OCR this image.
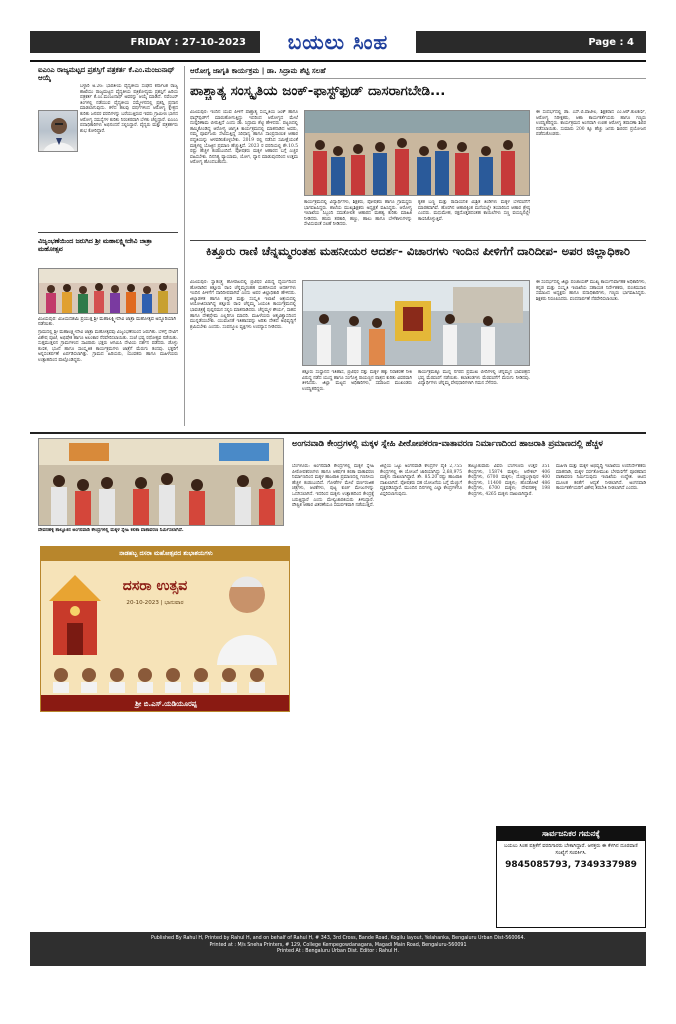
FRIDAY : 27-10-2023	ಬಯಲು ಸಿಂಹ	Page : 4
ಐಎಂಎ ರಾಜ್ಯಮಟ್ಟದ ಪ್ರಶಸ್ತಿಗೆ ಪತ್ರಕರ್ತ ಕೆ.ಎಂ.ಮಂಜುನಾಥ್ ಆಯ್ಕೆ

ಬಳ್ಳಾರಿ ಅ.26: ಭಾರತೀಯ ವೈದ್ಯಕೀಯ ಸಂಘದ ಕರ್ನಾಟಕ ರಾಜ್ಯ ಶಾಖೆಯು ರಾಜ್ಯಮಟ್ಟದ ವೈದ್ಯಕೀಯ ಪತ್ರಿಕೋದ್ಯಮ ಪ್ರಶಸ್ತಿಗೆ ಹಿರಿಯ ಪತ್ರಕರ್ತ ಕೆ.ಎಂ.ಮಂಜುನಾಥ್ ಅವರನ್ನು ಆಯ್ಕೆ ಮಾಡಿದೆ. ನವೆಂಬರ್ ತಿಂಗಳಲ್ಲಿ ನಡೆಯುವ ವೈದ್ಯಕೀಯ ಸಮ್ಮೇಳನದಲ್ಲಿ ಪ್ರಶಸ್ತಿ ಪ್ರದಾನ ಮಾಡಲಾಗುವುದು. ಕಳೆದ ಹಲವು ವರ್ಷಗಳಿಂದ ಆರೋಗ್ಯ ಕ್ಷೇತ್ರದ ಕುರಿತು ಜನಪರ ವರದಿಗಳನ್ನು ಬರೆಯುತ್ತಿರುವ ಇವರು ಗ್ರಾಮೀಣ ಭಾಗದ ಆರೋಗ್ಯ ಸಮಸ್ಯೆಗಳ ಕುರಿತು ನಿರಂತರವಾಗಿ ಬೆಳಕು ಚೆಲ್ಲಿದ್ದಾರೆ. ಐಎಂಎ ಪದಾಧಿಕಾರಿಗಳು ಅಭಿನಂದನೆ ಸಲ್ಲಿಸಿದ್ದಾರೆ. ವೈದ್ಯರು ಮತ್ತು ಪತ್ರಕರ್ತರು ಶುಭ ಕೋರಿದ್ದಾರೆ.

ವಿಜೃಂಭಣೆಯಿಂದ ಜರುಗಿದ ಶ್ರೀ ಮಹಾಲಕ್ಷ್ಮೀದೇವಿ ಜಾತ್ರಾ ಮಹೋತ್ಸವ
ವಿಜಯಪುರ: ವಿಜಯದಶಮಿ ಪ್ರಯುಕ್ತ ಶ್ರೀ ಮಹಾಲಕ್ಷ್ಮೀದೇವಿ ಜಾತ್ರಾ ಮಹೋತ್ಸವ ಅದ್ದೂರಿಯಾಗಿ ನಡೆಯಿತು.
ಗ್ರಾಮದಲ್ಲಿ ಶ್ರೀ ಮಹಾಲಕ್ಷ್ಮೀದೇವಿ ಜಾತ್ರಾ ಮಹೋತ್ಸವವು ವಿಜೃಂಭಣೆಯಿಂದ ಜರುಗಿತು. ಬೆಳಿಗ್ಗೆ ದೇವಿಗೆ ವಿಶೇಷ ಪೂಜೆ, ಅಭಿಷೇಕ ಹಾಗೂ ಅಲಂಕಾರ ನೆರವೇರಿಸಲಾಯಿತು. ಸಂಜೆ ಭವ್ಯ ರಥೋತ್ಸವ ನಡೆಯಿತು. ಸುತ್ತಮುತ್ತಲಿನ ಗ್ರಾಮಗಳಿಂದ ಸಾವಿರಾರು ಭಕ್ತರು ಆಗಮಿಸಿ ದೇವಿಯ ದರ್ಶನ ಪಡೆದರು. ಡೊಳ್ಳು ಕುಣಿತ, ಭಜನೆ ಹಾಗೂ ಸಾಂಸ್ಕೃತಿಕ ಕಾರ್ಯಕ್ರಮಗಳು ಜಾತ್ರೆಗೆ ಮೆರುಗು ತಂದವು. ಭಕ್ತರಿಗೆ ಅನ್ನಸಂತರ್ಪಣೆ ಏರ್ಪಡಿಸಲಾಗಿತ್ತು. ಗ್ರಾಮದ ಹಿರಿಯರು, ಯುವಕರು ಹಾಗೂ ಮಹಿಳೆಯರು ಉತ್ಸಾಹದಿಂದ ಪಾಲ್ಗೊಂಡಿದ್ದರು.
ಆರೋಗ್ಯ ಜಾಗೃತಿ ಕಾರ್ಯಕ್ರಮ | ಡಾ. ಸಿದ್ರಾಮ ಶೆಟ್ಟಿ ಸಲಹೆ
ಪಾಶ್ಚಾತ್ಯ ಸಂಸ್ಕೃತಿಯ ಜಂಕ್-ಫಾಸ್ಟ್‌ಫುಡ್ ದಾಸರಾಗಬೇಡಿ...
ವಿಜಯಪುರ: ಇಂದಿನ ಯುವ ಪೀಳಿಗೆ ಪಾಶ್ಚಾತ್ಯ ಸಂಸ್ಕೃತಿಯ ಜಂಕ್ ಹಾಗೂ ಫಾಸ್ಟ್‌ಫುಡ್‌ಗೆ ಮಾರುಹೋಗುತ್ತಿದ್ದು ಇದರಿಂದ ಆರೋಗ್ಯದ ಮೇಲೆ ದುಷ್ಪರಿಣಾಮ ಬೀರುತ್ತಿದೆ ಎಂದು ಡಾ. ಸಿದ್ರಾಮ ಶೆಟ್ಟಿ ಹೇಳಿದರು. ಪಟ್ಟಣದಲ್ಲಿ ಹಮ್ಮಿಕೊಂಡಿದ್ದ ಆರೋಗ್ಯ ಜಾಗೃತಿ ಕಾರ್ಯಕ್ರಮದಲ್ಲಿ ಮಾತನಾಡಿದ ಅವರು, ನಮ್ಮ ಪೂರ್ವಜರು ಸೇವಿಸುತ್ತಿದ್ದ ಸಿರಿಧಾನ್ಯ ಹಾಗೂ ಸಾಂಪ್ರದಾಯಿಕ ಆಹಾರ ಪದ್ಧತಿಯನ್ನು ಅಳವಡಿಸಿಕೊಳ್ಳಬೇಕು. 2019 ರಲ್ಲಿ ನಡೆಸಿದ ಸಮೀಕ್ಷೆಯಂತೆ ಮಕ್ಕಳಲ್ಲಿ ಬೊಜ್ಜಿನ ಪ್ರಮಾಣ ಹೆಚ್ಚುತ್ತಿದೆ. 2023 ರ ವರದಿಯಲ್ಲಿ ಶೇ.10.5 ರಷ್ಟು ಹೆಚ್ಚಳ ಕಂಡುಬಂದಿದೆ. ಪೋಷಕರು ಮಕ್ಕಳ ಆಹಾರದ ಬಗ್ಗೆ ಎಚ್ಚರ ವಹಿಸಬೇಕು. ದಿನನಿತ್ಯ ವ್ಯಾಯಾಮ, ಯೋಗ, ಧ್ಯಾನ ಮಾಡುವುದರಿಂದ ಉತ್ತಮ ಆರೋಗ್ಯ ಹೊಂದಬಹುದು.
ಕಾರ್ಯಕ್ರಮದಲ್ಲಿ ವಿದ್ಯಾರ್ಥಿಗಳು, ಶಿಕ್ಷಕರು, ಪೋಷಕರು ಹಾಗೂ ಗ್ರಾಮಸ್ಥರು ಭಾಗವಹಿಸಿದ್ದರು. ಶಾಲೆಯ ಮುಖ್ಯಶಿಕ್ಷಕರು ಅಧ್ಯಕ್ಷತೆ ವಹಿಸಿದ್ದರು. ಆರೋಗ್ಯ ಇಲಾಖೆಯ ಸಿಬ್ಬಂದಿ ಸಮತೋಲಿತ ಆಹಾರದ ಮಹತ್ವ ಕುರಿತು ಮಾಹಿತಿ ನೀಡಿದರು. ಹಸಿರು ತರಕಾರಿ, ಹಣ್ಣು, ಹಾಲು ಹಾಗೂ ಬೇಳೆಕಾಳುಗಳನ್ನು ಸೇವಿಸುವಂತೆ ಸಲಹೆ ನೀಡಿದರು.
ಕೃತಕ ಬಣ್ಣ ಮತ್ತು ರಾಸಾಯನಿಕ ಮಿಶ್ರಿತ ತಿಂಡಿಗಳು ಮಕ್ಕಳ ಬೆಳವಣಿಗೆಗೆ ಮಾರಕವಾಗಿವೆ. ಹೊರಗಿನ ಆಹಾರಕ್ಕಿಂತ ಮನೆಯಲ್ಲೇ ತಯಾರಿಸಿದ ಆಹಾರ ಶ್ರೇಷ್ಠ ಎಂದರು. ಮಧುಮೇಹ, ರಕ್ತದೊತ್ತಡದಂತಹ ಕಾಯಿಲೆಗಳು ಸಣ್ಣ ವಯಸ್ಸಿನಲ್ಲೇ ಕಾಣಿಸಿಕೊಳ್ಳುತ್ತಿವೆ.
ಈ ಸಂದರ್ಭದಲ್ಲಿ ಡಾ. ಎಸ್.ಬಿ.ಪಾಟೀಲ, ಶಿಕ್ಷಕರಾದ ಎಂ.ಆರ್.ಕುಲಕರ್ಣಿ, ಆರೋಗ್ಯ ನಿರೀಕ್ಷಕರು, ಆಶಾ ಕಾರ್ಯಕರ್ತೆಯರು ಹಾಗೂ ಗಣ್ಯರು ಉಪಸ್ಥಿತರಿದ್ದರು. ಕಾರ್ಯಕ್ರಮದ ಅಂಗವಾಗಿ ಉಚಿತ ಆರೋಗ್ಯ ತಪಾಸಣಾ ಶಿಬಿರ ನಡೆಸಲಾಯಿತು. ಸುಮಾರು 200 ಕ್ಕೂ ಹೆಚ್ಚು ಜನರು ಶಿಬಿರದ ಪ್ರಯೋಜನ ಪಡೆದುಕೊಂಡರು.
ಕಿತ್ತೂರು ರಾಣಿ ಚೆನ್ನಮ್ಮರಂತಹ ಮಹನೀಯರ ಆದರ್ಶ- ವಿಚಾರಗಳು ಇಂದಿನ ಪೀಳಿಗೆಗೆ ದಾರಿದೀಪ- ಅಪರ ಜಿಲ್ಲಾಧಿಕಾರಿ
ವಿಜಯಪುರ: ಸ್ವಾತಂತ್ರ್ಯ ಹೋರಾಟದಲ್ಲಿ ಬ್ರಿಟಿಷರ ವಿರುದ್ಧ ಧೈರ್ಯದಿಂದ ಹೋರಾಡಿದ ಕಿತ್ತೂರು ರಾಣಿ ಚೆನ್ನಮ್ಮರಂತಹ ಮಹನೀಯರ ಆದರ್ಶಗಳು ಇಂದಿನ ಪೀಳಿಗೆಗೆ ದಾರಿದೀಪವಾಗಿವೆ ಎಂದು ಅಪರ ಜಿಲ್ಲಾಧಿಕಾರಿ ಹೇಳಿದರು. ಜಿಲ್ಲಾಡಳಿತ ಹಾಗೂ ಕನ್ನಡ ಮತ್ತು ಸಂಸ್ಕೃತಿ ಇಲಾಖೆ ಆಶ್ರಯದಲ್ಲಿ ಆಯೋಜಿಸಲಾಗಿದ್ದ ಕಿತ್ತೂರು ರಾಣಿ ಚೆನ್ನಮ್ಮ ಜಯಂತಿ ಕಾರ್ಯಕ್ರಮದಲ್ಲಿ ಭಾವಚಿತ್ರಕ್ಕೆ ಪುಷ್ಪನಮನ ಸಲ್ಲಿಸಿ ಮಾತನಾಡಿದರು. ಚೆನ್ನಮ್ಮಳ ಶೌರ್ಯ, ಸಾಹಸ ಹಾಗೂ ದೇಶಪ್ರೇಮ ಎಲ್ಲರಿಗೂ ಮಾದರಿ. ಮಹಿಳೆಯರು ಆತ್ಮವಿಶ್ವಾಸದಿಂದ ಮುನ್ನಡೆಯಬೇಕು. ಯುವಜನತೆ ಇತಿಹಾಸವನ್ನು ಅರಿತು ದೇಶದ ಅಭಿವೃದ್ಧಿಗೆ ಶ್ರಮಿಸಬೇಕು ಎಂದರು. ಸಂಪನ್ಮೂಲ ವ್ಯಕ್ತಿಗಳು ಉಪನ್ಯಾಸ ನೀಡಿದರು.
ಕಿತ್ತೂರು ಸಂಸ್ಥಾನದ ಇತಿಹಾಸ, ಬ್ರಿಟಿಷರ ದತ್ತು ಮಕ್ಕಳ ಹಕ್ಕು ನಿರಾಕರಣೆ ನೀತಿ ವಿರುದ್ಧ ನಡೆದ ಯುದ್ಧ ಹಾಗೂ ಸಂಗೊಳ್ಳಿ ರಾಯಣ್ಣನ ಪಾತ್ರದ ಕುರಿತು ವಿವರವಾಗಿ ತಿಳಿಸಿದರು. ಜಿಲ್ಲಾ ಮಟ್ಟದ ಅಧಿಕಾರಿಗಳು, ಸಮಾಜದ ಮುಖಂಡರು ಉಪಸ್ಥಿತರಿದ್ದರು.
ಕಾರ್ಯಕ್ರಮಕ್ಕೂ ಮುನ್ನ ನಗರದ ಪ್ರಮುಖ ಬೀದಿಗಳಲ್ಲಿ ಚೆನ್ನಮ್ಮನ ಭಾವಚಿತ್ರದ ಭವ್ಯ ಮೆರವಣಿಗೆ ನಡೆಯಿತು. ಕಲಾತಂಡಗಳು ಮೆರವಣಿಗೆಗೆ ಮೆರುಗು ನೀಡಿದವು. ವಿದ್ಯಾರ್ಥಿಗಳು ಚೆನ್ನಮ್ಮ ವೇಷಧಾರಿಗಳಾಗಿ ಗಮನ ಸೆಳೆದರು.
ಈ ಸಂದರ್ಭದಲ್ಲಿ ಜಿಲ್ಲಾ ಪಂಚಾಯತ್ ಮುಖ್ಯ ಕಾರ್ಯನಿರ್ವಾಹಕ ಅಧಿಕಾರಿಗಳು, ಕನ್ನಡ ಮತ್ತು ಸಂಸ್ಕೃತಿ ಇಲಾಖೆಯ ಸಹಾಯಕ ನಿರ್ದೇಶಕರು, ಪಂಚಮಸಾಲಿ ಸಮಾಜದ ಅಧ್ಯಕ್ಷರು ಹಾಗೂ ಪದಾಧಿಕಾರಿಗಳು, ಗಣ್ಯರು ಭಾಗವಹಿಸಿದ್ದರು. ಶಿಕ್ಷಕರು ನಿರೂಪಿಸಿದರು. ವಂದನಾರ್ಪಣೆ ನೆರವೇರಿಸಲಾಯಿತು.
ದೇವನಹಳ್ಳಿ ತಾಲ್ಲೂಕಿನ ಅಂಗನವಾಡಿ ಕೇಂದ್ರಗಳಲ್ಲಿ ಮಕ್ಕಳ ಸ್ನೇಹಿ ಕಲಿಕಾ ವಾತಾವರಣ ನಿರ್ಮಿಸಲಾಗಿದೆ.
ಅಂಗನವಾಡಿ ಕೇಂದ್ರಗಳಲ್ಲಿ ಮಕ್ಕಳ ಸ್ನೇಹಿ ಪೀಠೋಪಕರಣ-ವಾತಾವರಣ ನಿರ್ಮಾಣದಿಂದ ಹಾಜರಾತಿ ಪ್ರಮಾಣದಲ್ಲಿ ಹೆಚ್ಚಳ
ಬೆಂಗಳೂರು: ಅಂಗನವಾಡಿ ಕೇಂದ್ರಗಳಲ್ಲಿ ಮಕ್ಕಳ ಸ್ನೇಹಿ ಪೀಠೋಪಕರಣಗಳು ಹಾಗೂ ಆಕರ್ಷಕ ಕಲಿಕಾ ವಾತಾವರಣ ನಿರ್ಮಾಣದಿಂದ ಮಕ್ಕಳ ಹಾಜರಾತಿ ಪ್ರಮಾಣದಲ್ಲಿ ಗಣನೀಯ ಹೆಚ್ಚಳ ಕಂಡುಬಂದಿದೆ. ಗೋಡೆಗಳ ಮೇಲೆ ವರ್ಣರಂಜಿತ ಚಿತ್ರಗಳು, ಆಟಿಕೆಗಳು, ಪುಟ್ಟ ಕುರ್ಚಿ ಮೇಜುಗಳನ್ನು ಒದಗಿಸಲಾಗಿದೆ. ಇದರಿಂದ ಮಕ್ಕಳು ಉತ್ಸಾಹದಿಂದ ಕೇಂದ್ರಕ್ಕೆ ಬರುತ್ತಿದ್ದಾರೆ ಎಂದು ಮೇಲ್ವಿಚಾರಕಿಯರು ತಿಳಿಸಿದ್ದಾರೆ. ಪೌಷ್ಟಿಕ ಆಹಾರ ವಿತರಣೆಯೂ ಸಮರ್ಪಕವಾಗಿ ನಡೆಯುತ್ತಿದೆ.
ಜಿಲ್ಲೆಯ ಒಟ್ಟು ಅಂಗನವಾಡಿ ಕೇಂದ್ರಗಳ ಪೈಕಿ 2,755 ಕೇಂದ್ರಗಳಲ್ಲಿ ಈ ಯೋಜನೆ ಜಾರಿಯಾಗಿದ್ದು 2,68,975 ಮಕ್ಕಳು ದಾಖಲಾಗಿದ್ದಾರೆ. ಶೇ. 85.20 ರಷ್ಟು ಹಾಜರಾತಿ ದಾಖಲಾಗಿದೆ. ಪೋಷಕರು ಸಹ ಯೋಜನೆಯ ಬಗ್ಗೆ ಮೆಚ್ಚುಗೆ ವ್ಯಕ್ತಪಡಿಸಿದ್ದಾರೆ. ಮುಂದಿನ ದಿನಗಳಲ್ಲಿ ಎಲ್ಲಾ ಕೇಂದ್ರಗಳಿಗೂ ವಿಸ್ತರಿಸಲಾಗುವುದು.
ತಾಲ್ಲೂಕುವಾರು ವಿವರ: ಬೆಂಗಳೂರು ಉತ್ತರ 351 ಕೇಂದ್ರಗಳು, 15874 ಮಕ್ಕಳು; ಆನೇಕಲ್ 406 ಕೇಂದ್ರಗಳು, 6700 ಮಕ್ಕಳು; ದೊಡ್ಡಬಳ್ಳಾಪುರ 400 ಕೇಂದ್ರಗಳು, 11400 ಮಕ್ಕಳು; ಹೊಸಕೋಟೆ 486 ಕೇಂದ್ರಗಳು, 6700 ಮಕ್ಕಳು; ದೇವನಹಳ್ಳಿ 198 ಕೇಂದ್ರಗಳು, 4265 ಮಕ್ಕಳು ದಾಖಲಾಗಿದ್ದಾರೆ.
ಮಹಿಳಾ ಮತ್ತು ಮಕ್ಕಳ ಅಭಿವೃದ್ಧಿ ಇಲಾಖೆಯ ಉಪನಿರ್ದೇಶಕರು ಮಾತನಾಡಿ, ಮಕ್ಕಳ ಸರ್ವತೋಮುಖ ಬೆಳವಣಿಗೆಗೆ ಪೂರಕವಾದ ವಾತಾವರಣ ನಿರ್ಮಿಸುವುದು ಇಲಾಖೆಯ ಉದ್ದೇಶ. ಆಟದ ಮೂಲಕ ಕಲಿಕೆಗೆ ಆದ್ಯತೆ ನೀಡಲಾಗಿದೆ. ಅಂಗನವಾಡಿ ಕಾರ್ಯಕರ್ತೆಯರಿಗೆ ವಿಶೇಷ ತರಬೇತಿ ನೀಡಲಾಗಿದೆ ಎಂದರು.
ನಾಡಹಬ್ಬ ದಸರಾ ಮಹೋತ್ಸವದ ಶುಭಾಶಯಗಳು
ದಸರಾ ಉತ್ಸವ
20-10-2023 | ಭಾನುವಾರ
ಶ್ರೀ ಬಿ.ಎಸ್.ಯಡಿಯೂರಪ್ಪ
ಸಾರ್ವಜನಿಕರ ಗಮನಕ್ಕೆ
ಬಯಲು ಸಿಂಹ ಪತ್ರಿಕೆಗೆ ವರದಿಗಾರರು ಬೇಕಾಗಿದ್ದಾರೆ. ಆಸಕ್ತರು ಈ ಕೆಳಗಿನ ದೂರವಾಣಿ ಸಂಖ್ಯೆಗೆ ಸಂಪರ್ಕಿಸಿ.
9845085793, 7349337989
Published By Rahul H, Printed by Rahul H, and on behalf of Rahul H, # 343, 3rd Cross, Bande Road, Kogilu layout, Yelahanka, Bengaluru Urban Dist-560064.
Printed at : M/s Sneha Printers, # 129, College Kempegowdanagara, Magadi Main Road, Bengaluru-560091
Printed At : Bengaluru Urban Dist. Editor : Rahul H.
